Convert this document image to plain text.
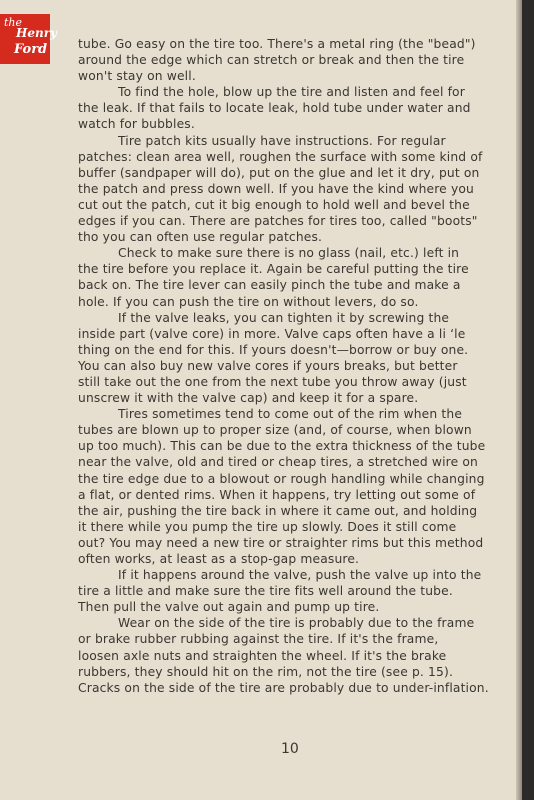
the
Henry
Ford	tube. Go easy on the tire too. There's a metal ring (the "bead")
around the edge which can stretch or break and then the tire
won't stay on well.
To find the hole, blow up the tire and listen and feel for
the leak. If that fails to locate leak, hold tube under water and
watch for bubbles.
Tire patch kits usually have instructions. For regular
patches: clean area well, roughen the surface with some kind of
buffer (sandpaper will do), put on the glue and let it dry, put on
the patch and press down well. If you have the kind where you
cut out the patch, cut it big enough to hold well and bevel the
edges if you can. There are patches for tires too, called "boots"
tho you can often use regular patches.
Check to make sure there is no glass (nail, etc.) left in
the tire before you replace it. Again be careful putting the tire
back on. The tire lever can easily pinch the tube and make a
hole. If you can push the tire on without levers, do so.
If the valve leaks, you can tighten it by screwing the
inside part (valve core) in more. Valve caps often have a li ‘le
thing on the end for this. If yours doesn't—borrow or buy one.
You can also buy new valve cores if yours breaks, but better
still take out the one from the next tube you throw away (just
unscrew it with the valve cap) and keep it for a spare.
Tires sometimes tend to come out of the rim when the
tubes are blown up to proper size (and, of course, when blown
up too much). This can be due to the extra thickness of the tube
near the valve, old and tired or cheap tires, a stretched wire on
the tire edge due to a blowout or rough handling while changing
a flat, or dented rims. When it happens, try letting out some of
the air, pushing the tire back in where it came out, and holding
it there while you pump the tire up slowly. Does it still come
out? You may need a new tire or straighter rims but this method
often works, at least as a stop-gap measure.
If it happens around the valve, push the valve up into the
tire a little and make sure the tire fits well around the tube.
Then pull the valve out again and pump up tire.
Wear on the side of the tire is probably due to the frame
or brake rubber rubbing against the tire. If it's the frame,
loosen axle nuts and straighten the wheel. If it's the brake
rubbers, they should hit on the rim, not the tire (see p. 15).
Cracks on the side of the tire are probably due to under-inflation.
10
